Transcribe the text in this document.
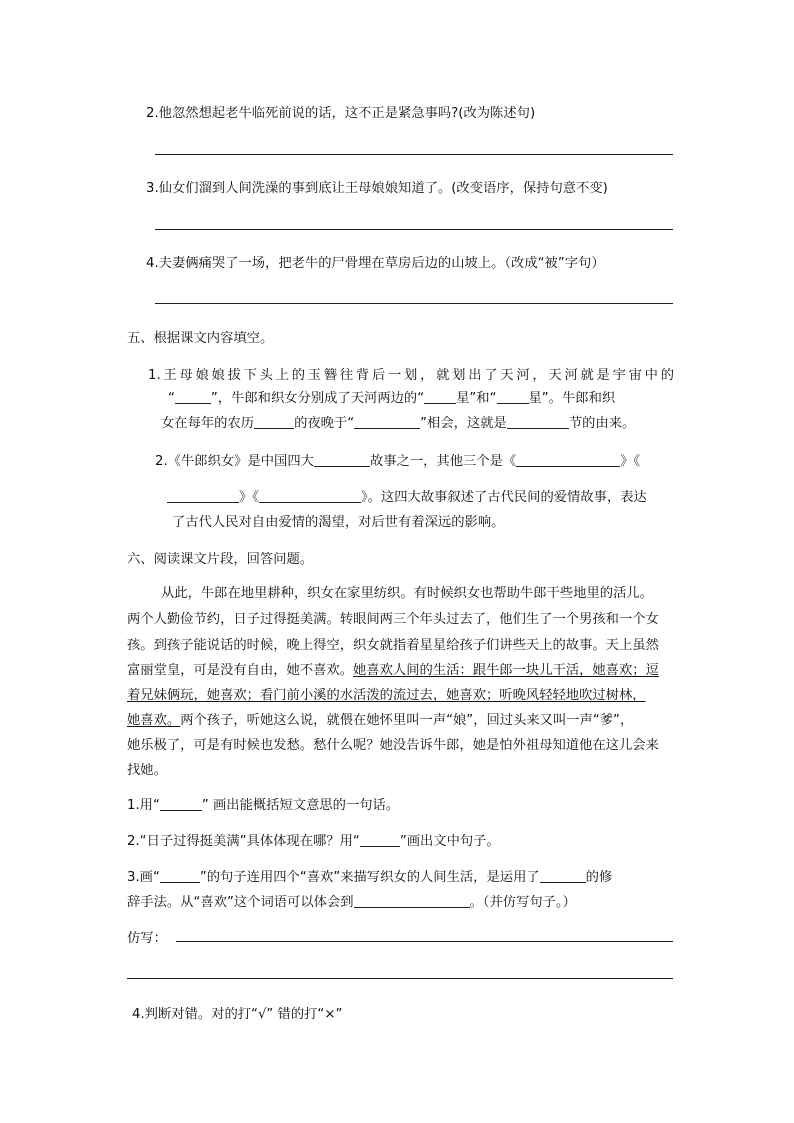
2.他忽然想起老牛临死前说的话，这不正是紧急事吗?(改为陈述句)
3.仙女们溜到人间洗澡的事到底让王母娘娘知道了。(改变语序，保持句意不变)
4.夫妻俩痛哭了一场，把老牛的尸骨埋在草房后边的山坡上。（改成“被”字句）
五、根据课文内容填空。
1.王母娘娘拔下头上的玉簪往背后一划，就划出了天河，天河就是宇宙中的
“	”，牛郎和织女分别成了天河两边的“ 星”和“ 星”。牛郎和织
女在每年的农历	的夜晚于“	”相会，这就是	节的由来。
2.《牛郎织女》是中国四大	故事之一，其他三个是《	》《
》《	》。这四大故事叙述了古代民间的爱情故事，表达
了古代人民对自由爱情的渴望，对后世有着深远的影响。
六、阅读课文片段，回答问题。
从此，牛郎在地里耕种，织女在家里纺织。有时候织女也帮助牛郎干些地里的活儿。
两个人勤俭节约，日子过得挺美满。转眼间两三个年头过去了，他们生了一个男孩和一个女
孩。到孩子能说话的时候，晚上得空，织女就指着星星给孩子们讲些天上的故事。天上虽然
富丽堂皇，可是没有自由，她不喜欢。她喜欢人间的生活：跟牛郎一块儿干活，她喜欢；逗
着兄妹俩玩，她喜欢；看门前小溪的水活泼的流过去，她喜欢；听晚风轻轻地吹过树林，
她喜欢。两个孩子，听她这么说，就偎在她怀里叫一声“娘”，回过头来又叫一声“爹”，
她乐极了，可是有时候也发愁。愁什么呢？她没告诉牛郎，她是怕外祖母知道他在这儿会来
找她。
1.用“	” 画出能概括短文意思的一句话。
2.“日子过得挺美满”具体体现在哪？用“	”画出文中句子。
3.画“	”的句子连用四个“喜欢”来描写织女的人间生活，是运用了	的修
辞手法。从“喜欢”这个词语可以体会到	。（并仿写句子。）
仿写：
4.判断对错。对的打“√” 错的打“×”
